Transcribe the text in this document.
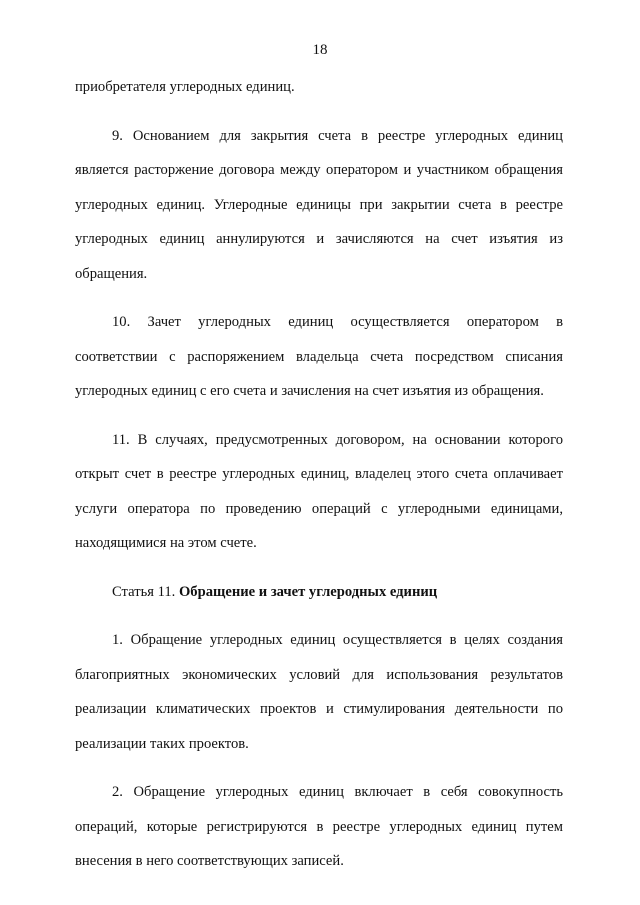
18

приобретателя углеродных единиц.

9. Основанием для закрытия счета в реестре углеродных единиц является расторжение договора между оператором и участником обращения углеродных единиц. Углеродные единицы при закрытии счета в реестре углеродных единиц аннулируются и зачисляются на счет изъятия из обращения.

10. Зачет углеродных единиц осуществляется оператором в соответствии с распоряжением владельца счета посредством списания углеродных единиц с его счета и зачисления на счет изъятия из обращения.

11. В случаях, предусмотренных договором, на основании которого открыт счет в реестре углеродных единиц, владелец этого счета оплачивает услуги оператора по проведению операций с углеродными единицами, находящимися на этом счете.

Статья 11. Обращение и зачет углеродных единиц

1. Обращение углеродных единиц осуществляется в целях создания благоприятных экономических условий для использования результатов реализации климатических проектов и стимулирования деятельности по реализации таких проектов.

2. Обращение углеродных единиц включает в себя совокупность операций, которые регистрируются в реестре углеродных единиц путем внесения в него соответствующих записей.
